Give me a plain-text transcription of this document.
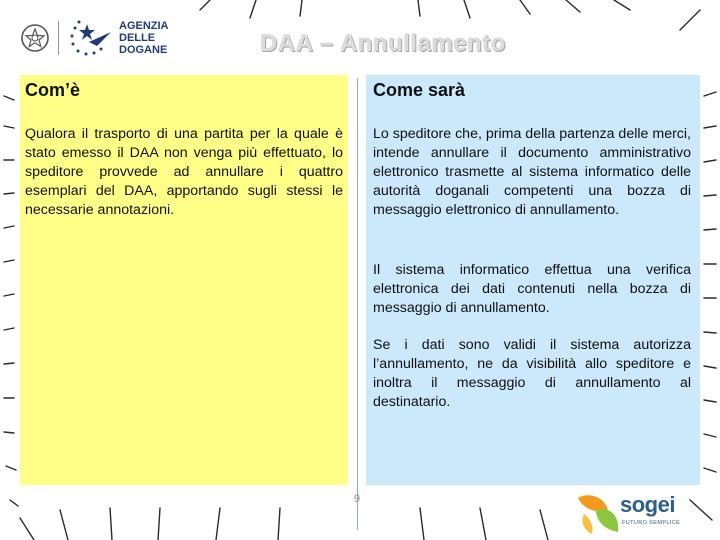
AGENZIA
DELLE
DOGANE	DAA – Annullamento
Com’è	Come sarà

Qualora il trasporto di una partita per la quale è stato emesso il DAA non venga più effettuato, lo speditore provvede ad annullare i quattro esemplari del DAA, apportando sugli stessi le necessarie annotazioni.

Lo speditore che, prima della partenza delle merci, intende annullare il documento amministrativo elettronico trasmette al sistema informatico delle autorità doganali competenti una bozza di messaggio elettronico di annullamento.

Il sistema informatico effettua una verifica elettronica dei dati contenuti nella bozza di messaggio di annullamento.

Se i dati sono validi il sistema autorizza l’annullamento, ne da visibilità allo speditore e inoltra il messaggio di annullamento al destinatario.

9	sogei
FUTURO SEMPLICE
